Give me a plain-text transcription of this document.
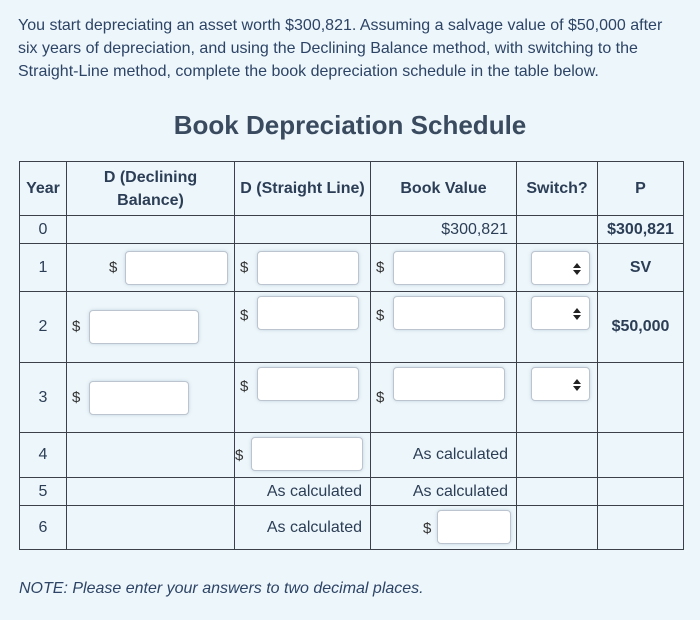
You start depreciating an asset worth $300,821. Assuming a salvage value of $50,000 after six years of depreciation, and using the Declining Balance method, with switching to the Straight-Line method, complete the book depreciation schedule in the table below.
Book Depreciation Schedule
Year	D (Declining Balance)	D (Straight Line)	Book Value	Switch?	P
0			$300,821		$300,821
1	$	$	$		SV
2	$	$	$		$50,000
3	$	$	$

4		$	As calculated		
5		As calculated	As calculated		
6		As calculated	$		

NOTE: Please enter your answers to two decimal places.
